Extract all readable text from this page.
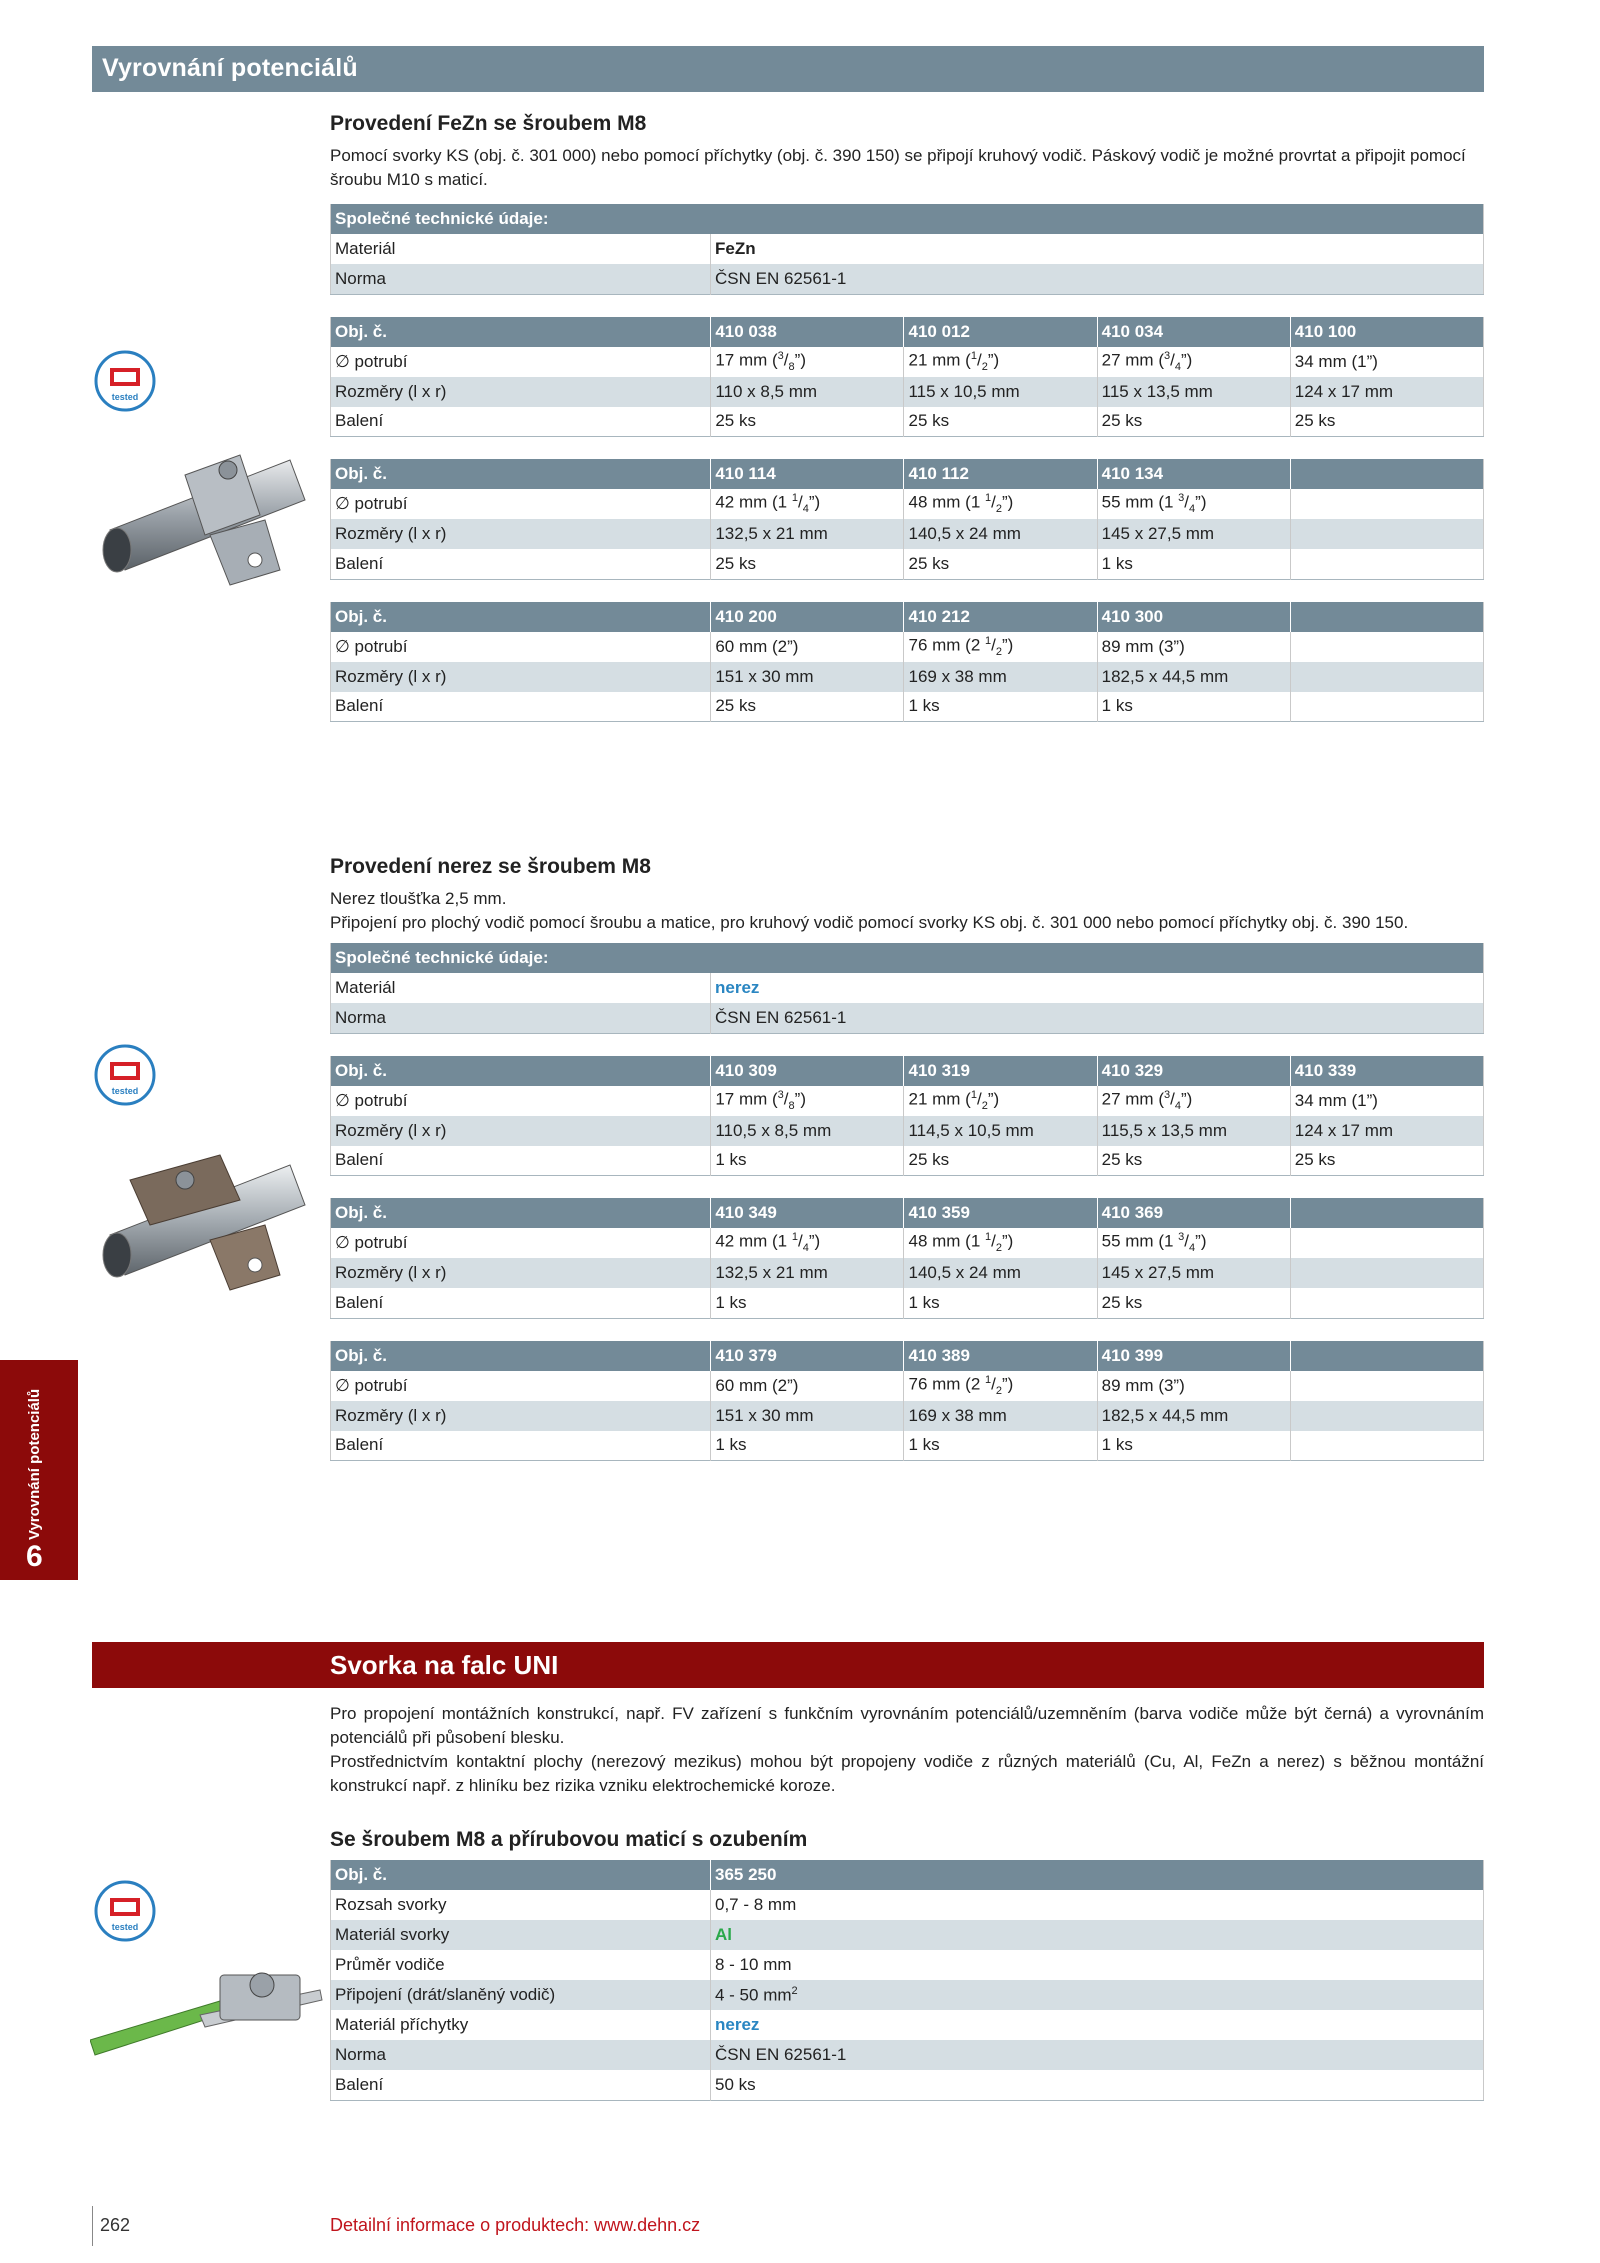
Vyrovnání potenciálů
Provedení FeZn se šroubem M8
Pomocí svorky KS (obj. č. 301 000) nebo pomocí příchytky (obj. č. 390 150) se připojí kruhový vodič. Páskový vodič je možné provrtat a připojit pomocí šroubu M10 s maticí.
Společné technické údaje:	
Materiál	FeZn
Norma	ČSN EN 62561-1
Obj. č.	410 038	410 012	410 034	410 100
∅ potrubí	17 mm $(^3/_8”)$	21 mm $(^1/_2”)$	27 mm $(^3/_4”)$	34 mm (1”)
Rozměry (l x r)	110 x 8,5 mm	115 x 10,5 mm	115 x 13,5 mm	124 x 17 mm
Balení	25 ks	25 ks	25 ks	25 ks
Obj. č.	410 114	410 112	410 134	
∅ potrubí	42 mm (1 $^1/_4$”)	48 mm (1 $^1/_2$”)	55 mm (1 $^3/_4$”)	
Rozměry (l x r)	132,5 x 21 mm	140,5 x 24 mm	145 x 27,5 mm	
Balení	25 ks	25 ks	1 ks	
Obj. č.	410 200	410 212	410 300	
∅ potrubí	60 mm (2”)	76 mm (2 $^1/_2$”)	89 mm (3”)	
Rozměry (l x r)	151 x 30 mm	169 x 38 mm	182,5 x 44,5 mm	
Balení	25 ks	1 ks	1 ks	
Provedení nerez se šroubem M8
Nerez tloušťka 2,5 mm.
Připojení pro plochý vodič pomocí šroubu a matice, pro kruhový vodič pomocí svorky KS obj. č. 301 000 nebo pomocí příchytky obj. č. 390 150.
Společné technické údaje:	
Materiál	nerez
Norma	ČSN EN 62561-1
Obj. č.	410 309	410 319	410 329	410 339
∅ potrubí	17 mm $(^3/_8”)$	21 mm $(^1/_2”)$	27 mm $(^3/_4”)$	34 mm (1”)
Rozměry (l x r)	110,5 x 8,5 mm	114,5 x 10,5 mm	115,5 x 13,5 mm	124 x 17 mm
Balení	1 ks	25 ks	25 ks	25 ks
Obj. č.	410 349	410 359	410 369	
∅ potrubí	42 mm (1 $^1/_4$”)	48 mm (1 $^1/_2$”)	55 mm (1 $^3/_4$”)	
Rozměry (l x r)	132,5 x 21 mm	140,5 x 24 mm	145 x 27,5 mm	
Balení	1 ks	1 ks	25 ks	
Obj. č.	410 379	410 389	410 399	
∅ potrubí	60 mm (2”)	76 mm (2 $^1/_2$”)	89 mm (3”)	
Rozměry (l x r)	151 x 30 mm	169 x 38 mm	182,5 x 44,5 mm	
Balení	1 ks	1 ks	1 ks	
Vyrovnání potenciálů
6
Svorka na falc UNI
Pro propojení montážních konstrukcí, např. FV zařízení s funkčním vyrovnáním potenciálů/uzemněním (barva vodiče může být černá) a vyrovnáním potenciálů při působení blesku.
Prostřednictvím kontaktní plochy (nerezový mezikus) mohou být propojeny vodiče z různých materiálů (Cu, Al, FeZn a nerez) s běžnou montážní konstrukcí např. z hliníku bez rizika vzniku elektrochemické koroze.
Se šroubem M8 a přírubovou maticí s ozubením
Obj. č.	365 250
Rozsah svorky	0,7 - 8 mm
Materiál svorky	Al
Průměr vodiče	8 - 10 mm
Připojení (drát/slaněný vodič)	4 - 50 $mm^2$
Materiál příchytky	nerez
Norma	ČSN EN 62561-1
Balení	50 ks
tested
tested
tested
262	Detailní informace o produktech: www.dehn.cz
